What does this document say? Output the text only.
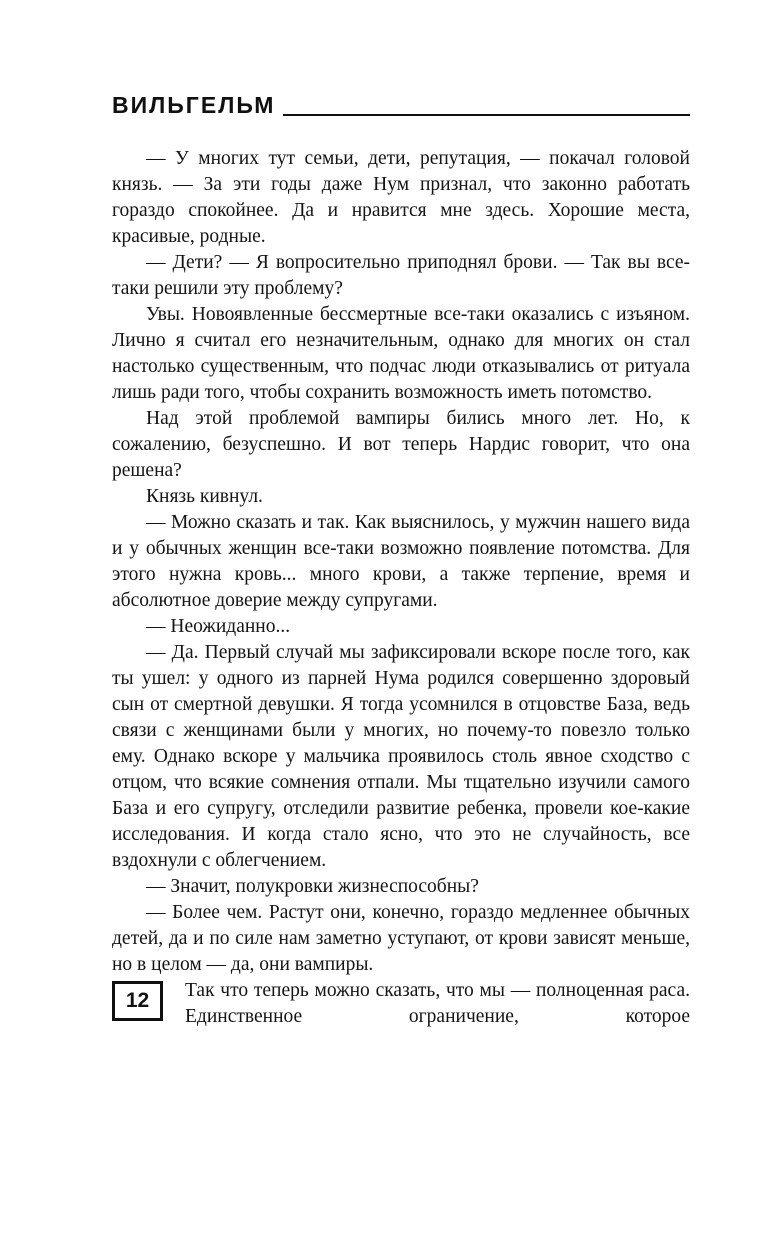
ВИЛЬГЕЛЬМ

— У многих тут семьи, дети, репутация, — покачал головой князь. — За эти годы даже Нум признал, что законно работать гораздо спокойнее. Да и нравится мне здесь. Хорошие места, красивые, родные.

— Дети? — Я вопросительно приподнял брови. — Так вы все-таки решили эту проблему?

Увы. Новоявленные бессмертные все-таки оказались с изъяном. Лично я считал его незначительным, однако для многих он стал настолько существенным, что подчас люди отказывались от ритуала лишь ради того, чтобы сохранить возможность иметь потомство.

Над этой проблемой вампиры бились много лет. Но, к сожалению, безуспешно. И вот теперь Нардис говорит, что она решена?

Князь кивнул.

— Можно сказать и так. Как выяснилось, у мужчин нашего вида и у обычных женщин все-таки возможно появление потомства. Для этого нужна кровь... много крови, а также терпение, время и абсолютное доверие между супругами.

— Неожиданно...

— Да. Первый случай мы зафиксировали вскоре после того, как ты ушел: у одного из парней Нума родился совершенно здоровый сын от смертной девушки. Я тогда усомнился в отцовстве База, ведь связи с женщинами были у многих, но почему-то повезло только ему. Однако вскоре у мальчика проявилось столь явное сходство с отцом, что всякие сомнения отпали. Мы тщательно изучили самого База и его супругу, отследили развитие ребенка, провели кое-какие исследования. И когда стало ясно, что это не случайность, все вздохнули с облегчением.

— Значит, полукровки жизнеспособны?

— Более чем. Растут они, конечно, гораздо медленнее обычных детей, да и по силе нам заметно уступают, от крови зависят меньше, но в целом — да, они вампиры.

12	Так что теперь можно сказать, что мы — полноценная раса. Единственное ограничение, которое
